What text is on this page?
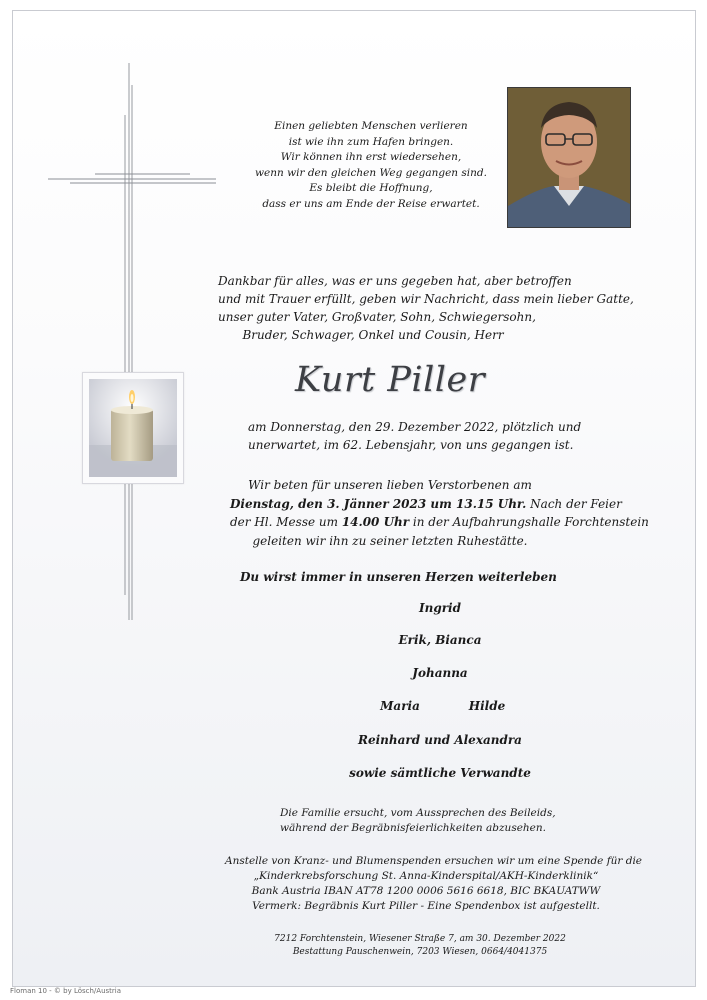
Einen geliebten Menschen verlieren
ist wie ihn zum Hafen bringen.
Wir können ihn erst wiedersehen,
wenn wir den gleichen Weg gegangen sind.
Es bleibt die Hoffnung,
dass er uns am Ende der Reise erwartet.
Dankbar für alles, was er uns gegeben hat, aber betroffen
und mit Trauer erfüllt, geben wir Nachricht, dass mein lieber Gatte,
unser guter Vater, Großvater, Sohn, Schwiegersohn,
Bruder, Schwager, Onkel und Cousin, Herr
Kurt Piller
am Donnerstag, den 29. Dezember 2022, plötzlich und
unerwartet, im 62. Lebensjahr, von uns gegangen ist.
Wir beten für unseren lieben Verstorbenen am
Dienstag, den 3. Jänner 2023 um 13.15 Uhr. Nach der Feier
der Hl. Messe um 14.00 Uhr in der Aufbahrungshalle Forchtenstein
geleiten wir ihn zu seiner letzten Ruhestätte.
Du wirst immer in unseren Herzen weiterleben
Ingrid
Erik, Bianca
Johanna
Maria	Hilde
Reinhard und Alexandra
sowie sämtliche Verwandte
Die Familie ersucht, vom Aussprechen des Beileids,
während der Begräbnisfeierlichkeiten abzusehen.
Anstelle von Kranz- und Blumenspenden ersuchen wir um eine Spende für die
„Kinderkrebsforschung St. Anna-Kinderspital/AKH-Kinderklinik“
Bank Austria IBAN AT78 1200 0006 5616 6618, BIC BKAUATWW
Vermerk: Begräbnis Kurt Piller - Eine Spendenbox ist aufgestellt.
7212 Forchtenstein, Wiesener Straße 7, am 30. Dezember 2022
Bestattung Pauschenwein, 7203 Wiesen, 0664/4041375
Floman 10 - © by Lösch/Austria
